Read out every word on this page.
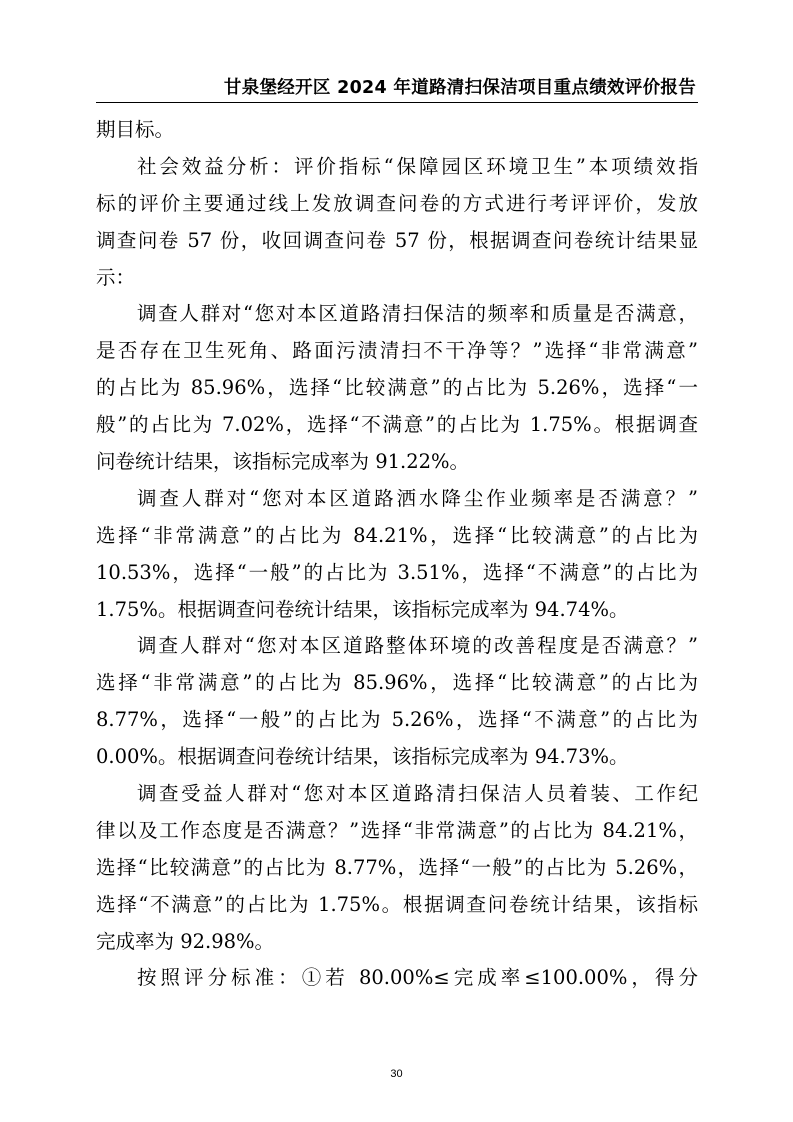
甘泉堡经开区 2024 年道路清扫保洁项目重点绩效评价报告
期目标。
社会效益分析：评价指标“保障园区环境卫生”本项绩效指
标的评价主要通过线上发放调查问卷的方式进行考评评价，发放
调查问卷 57 份，收回调查问卷 57 份，根据调查问卷统计结果显
示：
调查人群对“您对本区道路清扫保洁的频率和质量是否满意，
是否存在卫生死角、路面污渍清扫不干净等？”选择“非常满意”
的占比为 85.96%，选择“比较满意”的占比为 5.26%，选择“一
般”的占比为 7.02%，选择“不满意”的占比为 1.75%。根据调查
问卷统计结果，该指标完成率为 91.22%。
调查人群对“您对本区道路洒水降尘作业频率是否满意？”
选择“非常满意”的占比为 84.21%，选择“比较满意”的占比为
10.53%，选择“一般”的占比为 3.51%，选择“不满意”的占比为
1.75%。根据调查问卷统计结果，该指标完成率为 94.74%。
调查人群对“您对本区道路整体环境的改善程度是否满意？”
选择“非常满意”的占比为 85.96%，选择“比较满意”的占比为
8.77%，选择“一般”的占比为 5.26%，选择“不满意”的占比为
0.00%。根据调查问卷统计结果，该指标完成率为 94.73%。
调查受益人群对“您对本区道路清扫保洁人员着装、工作纪
律以及工作态度是否满意？”选择“非常满意”的占比为 84.21%，
选择“比较满意”的占比为 8.77%，选择“一般”的占比为 5.26%，
选择“不满意”的占比为 1.75%。根据调查问卷统计结果，该指标
完成率为 92.98%。
按照评分标准：①若 80.00%≤完成率≤100.00%，得分
30
